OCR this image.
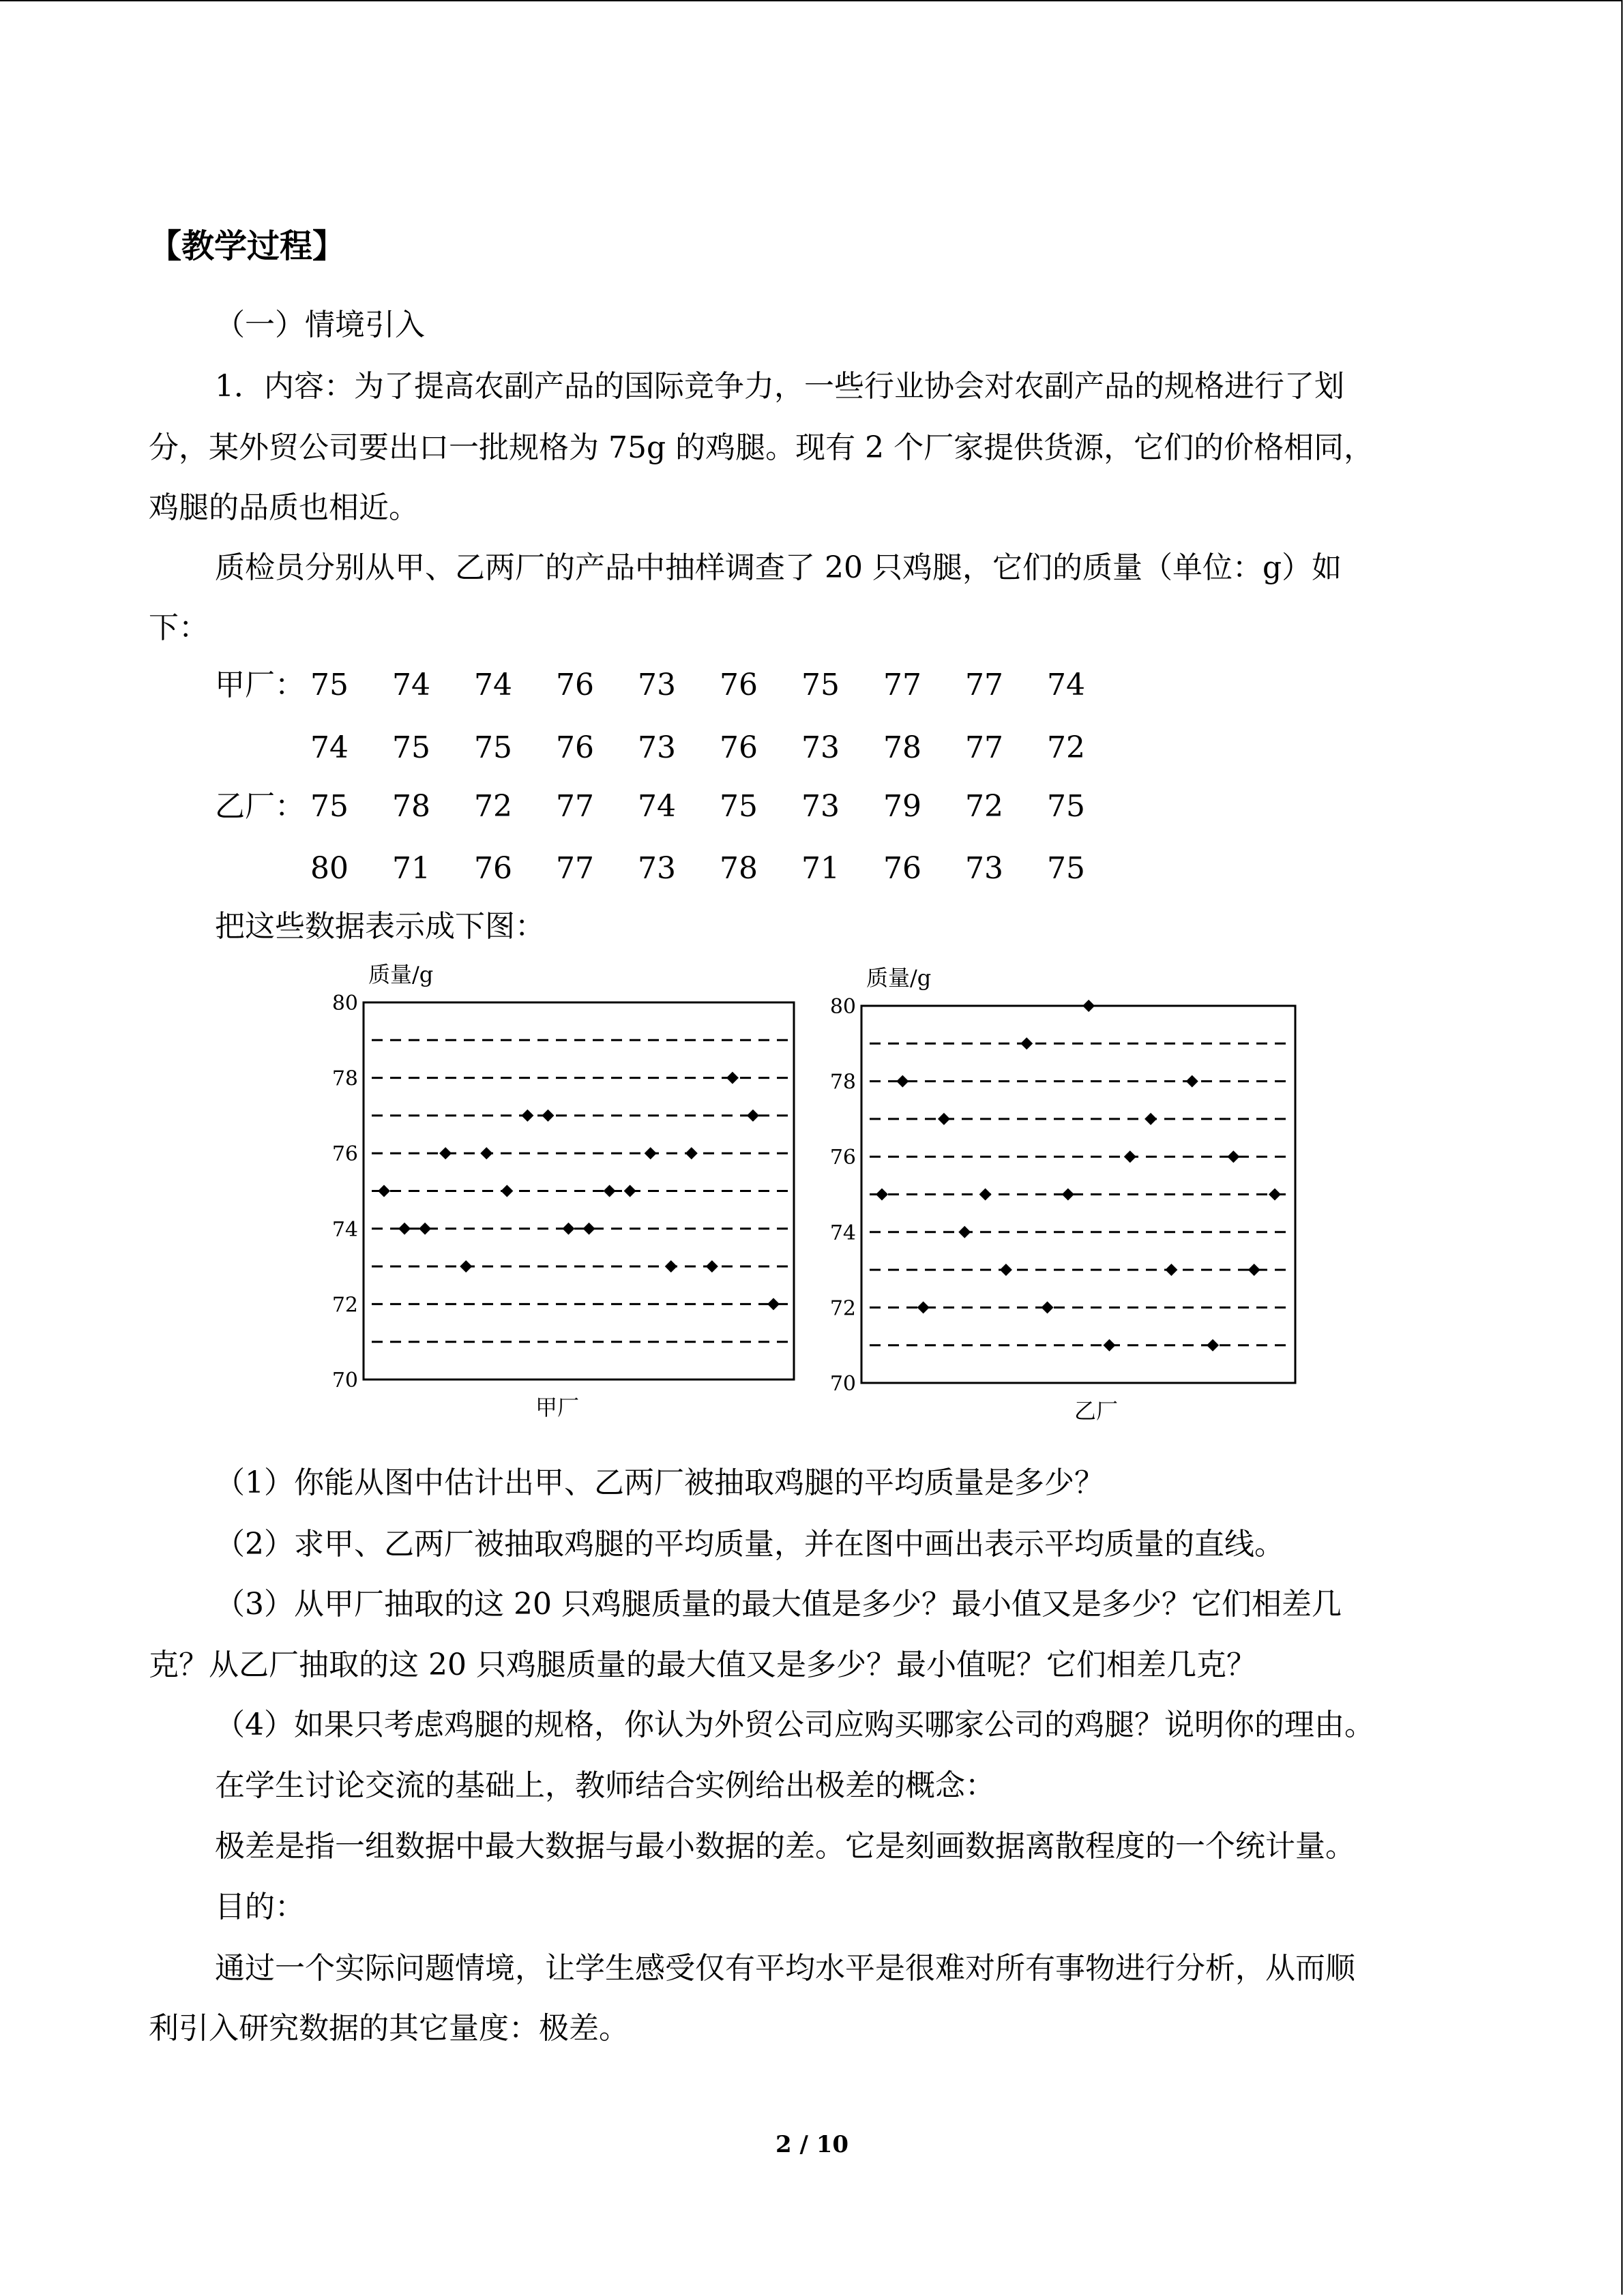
【教学过程】
（一）情境引入
1．内容：为了提高农副产品的国际竞争力，一些行业协会对农副产品的规格进行了划
分，某外贸公司要出口一批规格为 75g 的鸡腿。现有 2 个厂家提供货源，它们的价格相同，
鸡腿的品质也相近。
质检员分别从甲、乙两厂的产品中抽样调查了 20 只鸡腿，它们的质量（单位：g）如
下：
甲厂： 75	74	74	76	73	76	75	77	77	74
74	75	75	76	73	76	73	78	77	72
乙厂： 75	78	72	77	74	75	73	79	72	75
80	71	76	77	73	78	71	76	73	75
把这些数据表示成下图：
质量/g
70
72
74
76
78
80
甲厂
质量/g
70
72
74
76
78
80
乙厂
（1）你能从图中估计出甲、乙两厂被抽取鸡腿的平均质量是多少？
（2）求甲、乙两厂被抽取鸡腿的平均质量，并在图中画出表示平均质量的直线。
（3）从甲厂抽取的这 20 只鸡腿质量的最大值是多少？最小值又是多少？它们相差几
克？从乙厂抽取的这 20 只鸡腿质量的最大值又是多少？最小值呢？它们相差几克？
（4）如果只考虑鸡腿的规格，你认为外贸公司应购买哪家公司的鸡腿？说明你的理由。
在学生讨论交流的基础上，教师结合实例给出极差的概念：
极差是指一组数据中最大数据与最小数据的差。它是刻画数据离散程度的一个统计量。
目的：
通过一个实际问题情境，让学生感受仅有平均水平是很难对所有事物进行分析，从而顺
利引入研究数据的其它量度：极差。
2 / 10
